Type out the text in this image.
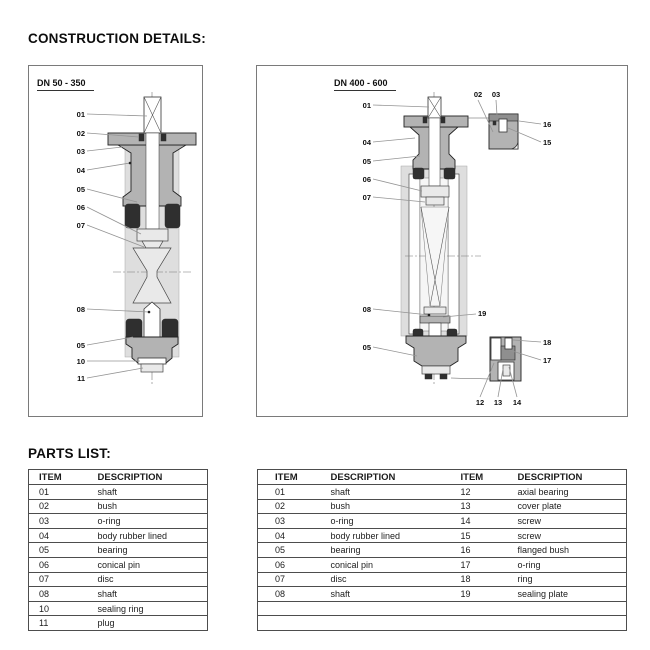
CONSTRUCTION DETAILS:
DN 50 - 350
01
02
03
04
05
06
07
08
05
10
11
DN 400 - 600
01
04
05
06
07
08	19
05
02 03
16
15
18
17
12 13 14
PARTS LIST:
ITEM	DESCRIPTION
01	shaft
02	bush
03	o-ring
04	body rubber lined
05	bearing
06	conical pin
07	disc
08	shaft
10	sealing ring
11	plug
ITEM	DESCRIPTION	ITEM	DESCRIPTION
01	shaft	12	axial bearing
02	bush	13	cover plate
03	o-ring	14	screw
04	body rubber lined	15	screw
05	bearing	16	flanged bush
06	conical pin	17	o-ring
07	disc	18	ring
08	shaft	19	sealing plate
